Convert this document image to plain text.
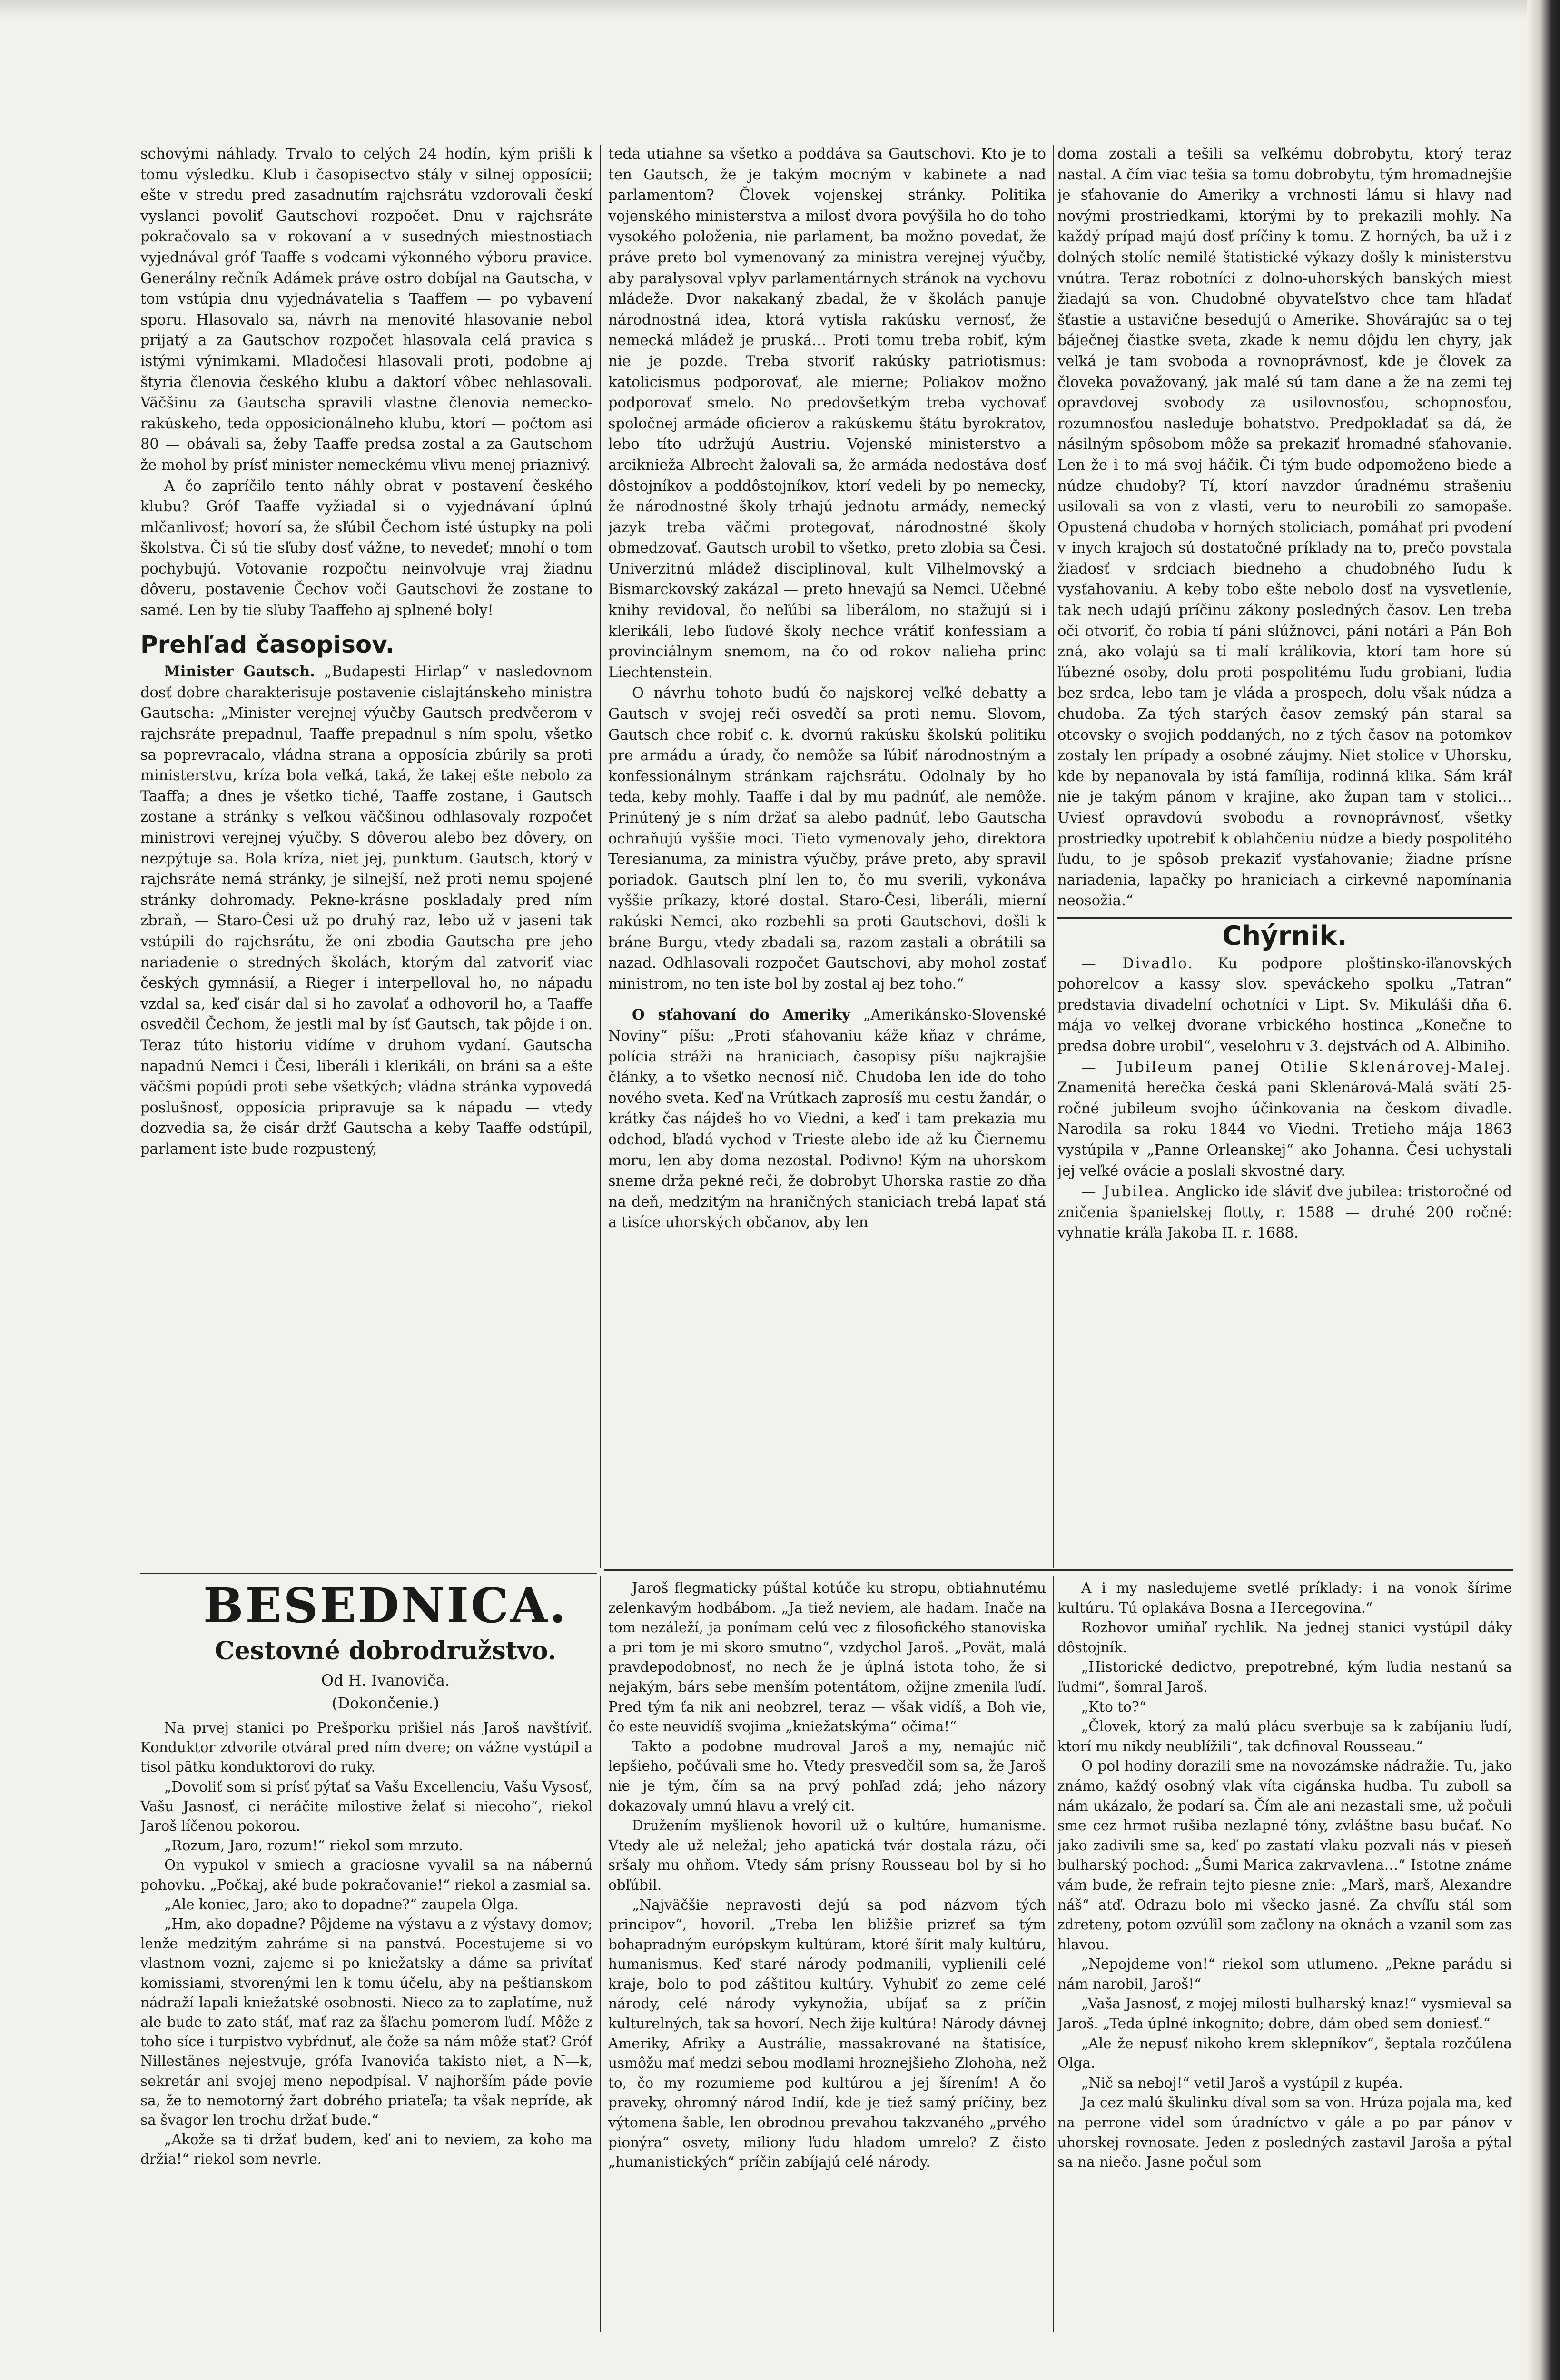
schovými náhlady. Trvalo to celých 24 hodín, kým prišli k tomu výsledku. Klub i časopisectvo stály v silnej opposícii; ešte v stredu pred zasadnutím rajchsrátu vzdorovali českí vyslanci povoliť Gautschovi rozpočet. Dnu v rajchsráte pokračovalo sa v rokovaní a v susedných miestnostiach vyjednával gróf Taaffe s vodcami výkonného výboru pravice. Generálny rečník Adámek práve ostro dobíjal na Gautscha, v tom vstúpia dnu vyjednávatelia s Taaffem — po vybavení sporu. Hlasovalo sa, návrh na menovité hlasovanie nebol prijatý a za Gautschov rozpočet hlasovala celá pravica s istými výnimkami. Mladočesi hlasovali proti, podobne aj štyria členovia českého klubu a daktorí vôbec nehlasovali. Väčšinu za Gautscha spravili vlastne členovia nemecko-rakúskeho, teda opposicionálneho klubu, ktorí — počtom asi 80 — obávali sa, žeby Taaffe predsa zostal a za Gautschom že mohol by prísť minister nemeckému vlivu menej priaznivý.

A čo zapríčilo tento náhly obrat v postavení českého klubu? Gróf Taaffe vyžiadal si o vyjednávaní úplnú mlčanlivosť; hovorí sa, že sľúbil Čechom isté ústupky na poli školstva. Či sú tie sľuby dosť vážne, to nevedeť; mnohí o tom pochybujú. Votovanie rozpočtu neinvolvuje vraj žiadnu dôveru, postavenie Čechov voči Gautschovi že zostane to samé. Len by tie sľuby Taaffeho aj splnené boly!

Prehľad časopisov.

Minister Gautsch. „Budapesti Hirlap“ v nasledovnom dosť dobre charakterisuje postavenie cislajtánskeho ministra Gautscha: „Minister verejnej výučby Gautsch predvčerom v rajchsráte prepadnul, Taaffe prepadnul s ním spolu, všetko sa poprevracalo, vládna strana a opposícia zbúrily sa proti ministerstvu, kríza bola veľká, taká, že takej ešte nebolo za Taaffa; a dnes je všetko tiché, Taaffe zostane, i Gautsch zostane a stránky s veľkou väčšinou odhlasovaly rozpočet ministrovi verejnej výučby. S dôverou alebo bez dôvery, on nezpýtuje sa. Bola kríza, niet jej, punktum. Gautsch, ktorý v rajchsráte nemá stránky, je silnejší, než proti nemu spojené stránky dohromady. Pekne-krásne poskladaly pred ním zbraň, — Staro-Česi už po druhý raz, lebo už v jaseni tak vstúpili do rajchsrátu, že oni zbodia Gautscha pre jeho nariadenie o stredných školách, ktorým dal zatvoriť viac českých gymnásií, a Rieger i interpelloval ho, no nápadu vzdal sa, keď cisár dal si ho zavolať a odhovoril ho, a Taaffe osvedčil Čechom, že jestli mal by ísť Gautsch, tak pôjde i on. Teraz túto historiu vidíme v druhom vydaní. Gautscha napadnú Nemci i Česi, liberáli i klerikáli, on bráni sa a ešte väčšmi popúdi proti sebe všetkých; vládna stránka vypovedá poslušnosť, opposícia pripravuje sa k nápadu — vtedy dozvedia sa, že cisár držť Gautscha a keby Taaffe odstúpil, parlament iste bude rozpustený,

teda utiahne sa všetko a poddáva sa Gautschovi. Kto je to ten Gautsch, že je takým mocným v kabinete a nad parlamentom? Človek vojenskej stránky. Politika vojenského ministerstva a milosť dvora povýšila ho do toho vysokého položenia, nie parlament, ba možno povedať, že práve preto bol vymenovaný za ministra verejnej výučby, aby paralysoval vplyv parlamentárnych stránok na vychovu mládeže. Dvor nakakaný zbadal, že v školách panuje národnostná idea, ktorá vytisla rakúsku vernosť, že nemecká mládež je pruská… Proti tomu treba robiť, kým nie je pozde. Treba stvoriť rakúsky patriotismus: katolicismus podporovať, ale mierne; Poliakov možno podporovať smelo. No predovšetkým treba vychovať spoločnej armáde oficierov a rakúskemu štátu byrokratov, lebo títo udržujú Austriu. Vojenské ministerstvo a arcikniežа Albrecht žalovali sa, že armáda nedostáva dosť dôstojníkov a poddôstojníkov, ktorí vedeli by po nemecky, že národnostné školy trhajú jednotu armády, nemecký jazyk treba väčmi protegovať, národnostné školy obmedzovať. Gautsch urobil to všetko, preto zlobia sa Česi. Univerzitnú mládež disciplinoval, kult Vilhelmovský a Bismarckovský zakázal — preto hnevajú sa Nemci. Učebné knihy revidoval, čo neľúbi sa liberálom, no stažujú si i klerikáli, lebo ľudové školy nechce vrátiť konfessiam a provinciálnym snemom, na čo od rokov naliehа princ Liechtenstein.

O návrhu tohoto budú čo najskorej veľké debatty a Gautsch v svojej reči osvedčí sa proti nemu. Slovom, Gautsch chce robiť c. k. dvornú rakúsku školskú politiku pre armádu a úrady, čo nemôže sa ľúbiť národnostným a konfessionálnym stránkam rajchsrátu. Odolnaly by ho teda, keby mohly. Taaffe i dal by mu padnúť, ale nemôže. Prinútený je s ním držať sa alebo padnúť, lebo Gautscha ochraňujú vyššie moci. Tieto vymenovaly jeho, direktora Teresianuma, za ministra výučby, práve preto, aby spravil poriadok. Gautsch plní len to, čo mu sverili, vykonáva vyššie príkazy, ktoré dostal. Staro-Česi, liberáli, mierní rakúski Nemci, ako rozbehli sa proti Gautschovi, došli k bráne Burgu, vtedy zbadali sa, razom zastali a obrátili sa nazad. Odhlasovali rozpočet Gautschovi, aby mohol zostať ministrom, no ten iste bol by zostal aj bez toho.“

O sťahovaní do Ameriky „Amerikánsko-Slovenské Noviny“ píšu: „Proti sťahovaniu káže kňaz v chráme, polícia stráži na hraniciach, časopisy píšu najkrajšie články, a to všetko necnosí nič. Chudoba len ide do toho nového sveta. Keď na Vrútkach zaprosíš mu cestu žandár, o krátky čas nájdeš ho vo Viedni, a keď i tam prekazia mu odchod, bľadá vychod v Trieste alebo ide až ku Čiernemu moru, len aby doma nezostal. Podivno! Kým na uhorskom sneme drža pekné reči, že dobrobyt Uhorska rastie zo dňa na deň, medzitým na hraničných staniciach trebá lapať stá a tisíce uhorských občanov, aby len

doma zostali a tešili sa veľkému dobrobytu, ktorý teraz nastal. A čím viac tešia sa tomu dobrobytu, tým hromadnejšie je sťahovanie do Ameriky a vrchnosti lámu si hlavy nad novými prostriedkami, ktorými by to prekazili mohly. Na každý prípad majú dosť príčiny k tomu. Z horných, ba už i z dolných stolíc nemilé štatistické výkazy došly k ministerstvu vnútra. Teraz robotníci z dolno-uhorských banských miest žiadajú sa von. Chudobné obyvateľstvo chce tam hľadať šťastie a ustavične besedujú o Amerike. Shovárajúc sa o tej báječnej čiastke sveta, zkade k nemu dôjdu len chyry, jak veľká je tam svoboda a rovnoprávnosť, kde je človek za človeka považovaný, jak malé sú tam dane a že na zemi tej opravdovej svobody za usilovnosťou, schopnosťou, rozumnosťou nasleduje bohatstvo. Predpokladať sa dá, že násilným spôsobom môže sa prekaziť hromadné sťahovanie. Len že i to má svoj háčik. Či tým bude odpomoženo biede a núdze chudoby? Tí, ktorí navzdor úradnému strašeniu usilovali sa von z vlasti, veru to neurobili zo samopaše. Opustená chudoba v horných stoliciach, pomáhať pri pvodení v inych krajoch sú dostatočné príklady na to, prečo povstala žiadosť v srdciach biedneho a chudobného ľudu k vysťahovaniu. A keby tobo ešte nebolo dosť na vysvetlenie, tak nech udajú príčinu zákony posledných časov. Len treba oči otvoriť, čo robia tí páni slúžnovci, páni notári a Pán Boh zná, ako volajú sa tí malí králikovia, ktorí tam hore sú ľúbezné osoby, dolu proti pospolitému ľudu grobiani, ľudia bez srdca, lebo tam je vláda a prospech, dolu však núdza a chudoba. Za tých starých časov zemský pán staral sa otcovsky o svojich poddaných, no z tých časov na potomkov zostaly len prípady a osobné záujmy. Niet stolice v Uhorsku, kde by nepanovala by istá famílija, rodinná klika. Sám kráľ nie je takým pánom v krajine, ako župan tam v stolici… Uviesť opravdovú svobodu a rovnoprávnosť, všetky prostriedky upotrebiť k oblahčeniu núdze a biedy pospolitého ľudu, to je spôsob prekaziť vysťahovanie; žiadne prísne nariadenia, lapačky po hraniciach a cirkevné napomínania neosožia.“

Chýrnik.

— Divadlo. Ku podpore ploštinsko-iľanovských pohorelcov a kassy slov. speváckeho spolku „Tatran“ predstavia divadelní ochotníci v Lipt. Sv. Mikuláši dňa 6. mája vo veľkej dvorane vrbického hostinca „Konečne to predsa dobre urobil“, veselohru v 3. dejstvách od A. Albiniho.

— Jubileum panej Otilie Sklenárovej-Malej. Znamenitá herečka česká pani Sklenárová-Malá svätí 25-ročné jubileum svojho účinkovania na českom divadle. Narodila sa roku 1844 vo Viedni. Tretieho mája 1863 vystúpila v „Panne Orleanskej“ ako Johanna. Česi uchystali jej veľké ovácie a poslali skvostné dary.

— Jubilea. Anglicko ide sláviť dve jubilea: tristoročné od zničenia španielskej flotty, r. 1588 — druhé 200 ročné: vyhnatie kráľa Jakoba II. r. 1688.

BESEDNICA.
Cestovné dobrodružstvo.
Od H. Ivanoviča.
(Dokončenie.)

Na prvej stanici po Prešporku prišiel nás Jaroš navštíviť. Konduktor zdvorile otváral pred ním dvere; on vážne vystúpil a tisol pätku konduktorovi do ruky.

„Dovoliť som si prísť pýtať sa Vašu Excellenciu, Vašu Vysosť, Vašu Jasnosť, ci neráčite milostive želať si niecoho“, riekol Jaroš líčenou pokorou.

„Rozum, Jaro, rozum!“ riekol som mrzuto.

On vypukol v smiech a graciosne vyvalil sa na nábernú pohovku. „Počkaj, aké bude pokračovanie!“ riekol a zasmial sa.

„Ale koniec, Jaro; ako to dopadne?“ zaupela Olga.

„Hm, ako dopadne? Pôjdeme na výstavu a z výstavy domov; lenže medzitým zahráme si na panstvá. Pocestujeme si vo vlastnom vozni, zajeme si po kniežatsky a dáme sa privítať komissiami, stvorenými len k tomu účelu, aby na peštianskom nádraží lapali kniežatské osobnosti. Niecо za to zaplatíme, nuž ale bude to zato stáť, mať raz za šľachu pomerom ľudí. Môže z toho síce i turpistvo vybŕdnuť, ale čože sa nám môže stať? Gróf Nillestänes nejestvuje, grófa Ivanovića takisto niet, a N—k, sekretár ani svojej meno nepodpísal. V najhorším páde povie sa, že to nemotorný žart dobrého priateľa; ta však neprídе, ak sa švagor len trochu držať bude.“

„Akože sa ti držať budem, keď ani to neviem, za koho ma držia!“ riekol som nevrle.

Jaroš flegmaticky púštal kotúče ku stropu, obtiahnutému zelenkavým hodbábom. „Ja tiež neviem, ale hadam. Inače na tom nezáleží, ja ponímam celú vec z filosofického stanoviska a pri tom je mi skoro smutno“, vzdychol Jaroš. „Povät, malá pravdepodobnosť, no nech že je úplná istota toho, že si nejakým, bárs sebe menším potentátom, ožijne zmenila ľudí. Pred tým ťa nik ani neobzrel, teraz — však vidíš, a Boh vie, čo este neuvidíš svojimа „kniežatskýma“ očima!“

Takto a podobne mudroval Jaroš a my, nemajúc nič lepšieho, počúvali sme ho. Vtedy presvedčil som sa, že Jaroš nie je tým, čím sa na prvý pohľad zdá; jeho názory dokazovaly umnú hlavu a vrelý cit.

Družením myšlienok hovoril už o kultúre, humanisme. Vtedy ale už neležal; jeho apatická tvár dostala rázu, oči sršaly mu ohňom. Vtedy sám prísny Rousseau bol by si ho obľúbil.

„Najväčšie nepravosti dejú sa pod názvom tých principov“, hovoril. „Treba len bližšie prizreť sa tým bohapradným európskym kultúram, ktoré šírit maly kultúru, humanismus. Keď staré národy podmanili, vyplienili celé kraje, bolo to pod záštitou kultúry. Vyhubiť zo zeme celé národy, celé národy vykynožia, ubíjať sa z príčin kulturelných, tak sa hovorí. Nech žije kultúra! Národy dávnej Ameriky, Afriky a Austrálie, massakrované na štatisíce, usmôžu mať medzi sebou modlami hroznejšieho Zlohoha, než to, čo my rozumieme pod kultúrou a jej šírením! A čo praveky, ohromný národ Indií, kde je tiež samý príčiny, bez výtomena šable, len obrodnou prevahou takzvaného „prvého pionýra“ osvety, miliony ľudu hladom umrelo? Z čisto „humanistických“ príčin zabíjajú celé národy.

A i my nasledujeme svetlé príklady: i na vonok šírime kultúru. Tú oplakáva Bosna a Hercegovina.“

Rozhovor umiňaľ rychlik. Na jednej stanici vystúpil dáky dôstojník.

„Historické dedictvo, prepotrebné, kým ľudia nestanú sa ľudmi“, šomral Jaroš.

„Kto to?“

„Človek, ktorý za malú plácu sverbuje sa k zabíjaniu ľudí, ktorí mu nikdy neublížili“, tak dcfinoval Rousseau.“

O pol hodiny dorazili sme na novozámske nádražie. Tu, jako známo, každý osobný vlak víta cigánska hudba. Tu zuboll sa nám ukázalo, že podarí sa. Čím ale ani nezastali sme, už počuli sme cez hrmot rušiba nezlapné tóny, zvláštne basu bučať. No jako zadivili sme sa, keď po zastatí vlaku pozvali nás v pieseň bulharský pochod: „Šumi Marica zakrvavlena…“ Istotne známe vám bude, že refrain tejto piesne znie: „Marš, marš, Alexandre náš“ atď. Odrazu bolo mi všecko jasné. Za chvíľu stál som zdreteny, potom ozvúľil som začlony na oknách a vzanil som zas hlavou.

„Nepojdeme von!“ riekol som utlumeno. „Pekne parádu si nám narobil, Jaroš!“

„Vaša Jasnosť, z mojej milosti bulharský knaz!“ vysmieval sa Jaroš. „Teda úplné inkognito; dobre, dám obed sem doniesť.“

„Ale že nepusť nikoho krem sklepníkov“, šeptala rozčúlena Olga.

„Nič sa neboj!“ vetil Jaroš a vystúpil z kupéa.

Ja cez malú škulinku díval som sa von. Hrúza pojala ma, keď na perrone videl som úradníctvo v gále a po par pánov v uhorskej rovnosate. Jeden z posledných zastavil Jaroša a pýtal sa na niečo. Jasne počul som
